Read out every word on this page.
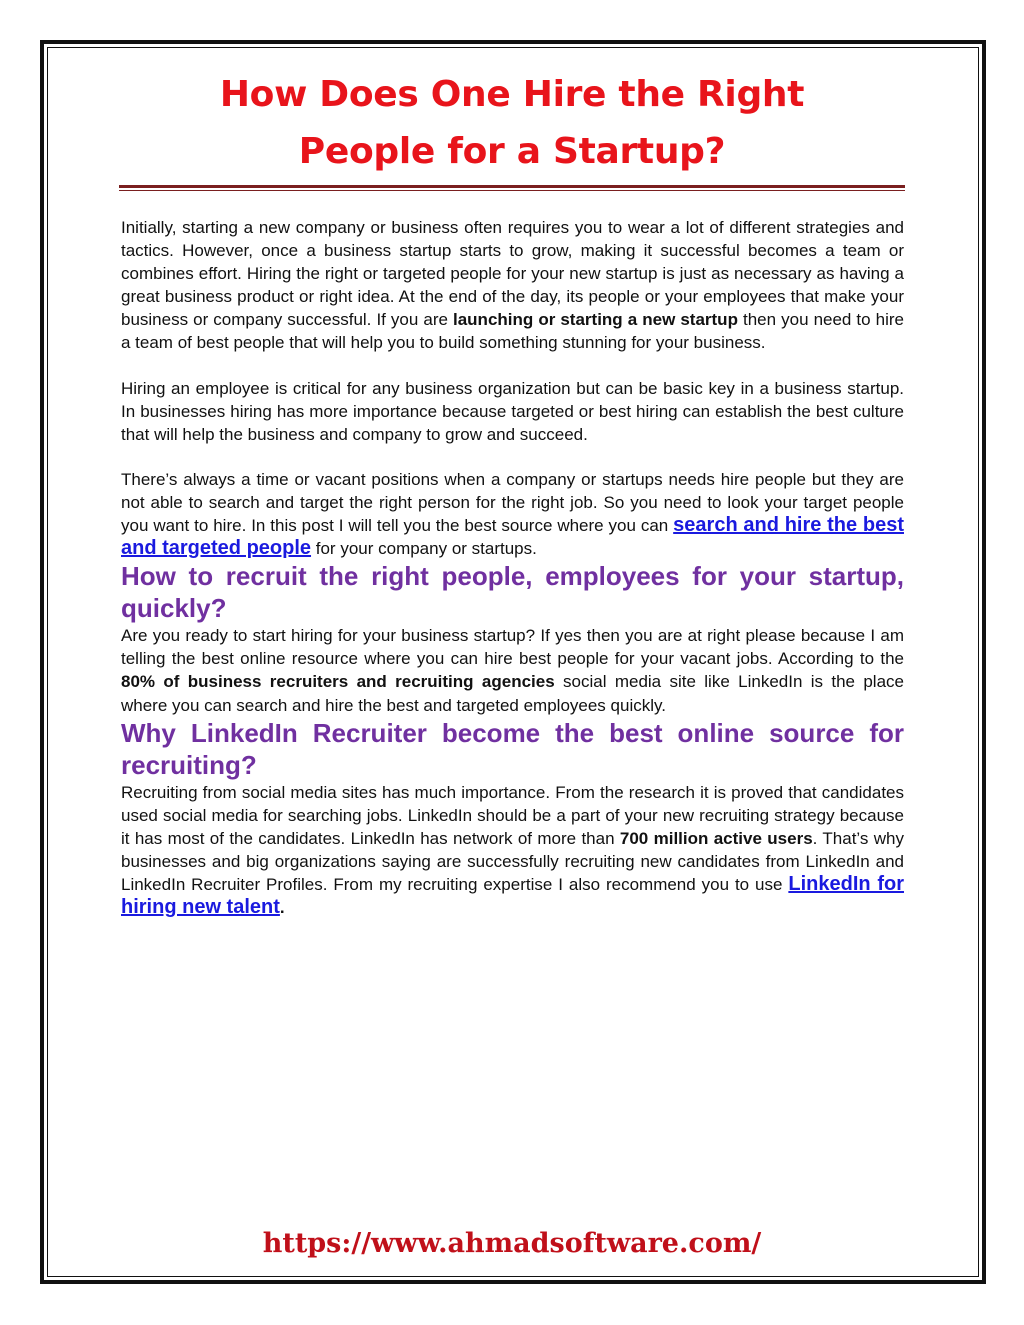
How Does One Hire the Right
People for a Startup?

Initially, starting a new company or business often requires you to wear a lot of different strategies and tactics. However, once a business startup starts to grow, making it successful becomes a team or combines effort. Hiring the right or targeted people for your new startup is just as necessary as having a great business product or right idea. At the end of the day, its people or your employees that make your business or company successful. If you are launching or starting a new startup then you need to hire a team of best people that will help you to build something stunning for your business.

Hiring an employee is critical for any business organization but can be basic key in a business startup. In businesses hiring has more importance because targeted or best hiring can establish the best culture that will help the business and company to grow and succeed.

There’s always a time or vacant positions when a company or startups needs hire people but they are not able to search and target the right person for the right job. So you need to look your target people you want to hire. In this post I will tell you the best source where you can search and hire the best and targeted people for your company or startups.

How to recruit the right people, employees for your startup, quickly?

Are you ready to start hiring for your business startup? If yes then you are at right please because I am telling the best online resource where you can hire best people for your vacant jobs. According to the 80% of business recruiters and recruiting agencies social media site like LinkedIn is the place where you can search and hire the best and targeted employees quickly.

Why LinkedIn Recruiter become the best online source for recruiting?

Recruiting from social media sites has much importance. From the research it is proved that candidates used social media for searching jobs. LinkedIn should be a part of your new recruiting strategy because it has most of the candidates. LinkedIn has network of more than 700 million active users. That’s why businesses and big organizations saying are successfully recruiting new candidates from LinkedIn and LinkedIn Recruiter Profiles. From my recruiting expertise I also recommend you to use LinkedIn for hiring new talent.

https://www.ahmadsoftware.com/
